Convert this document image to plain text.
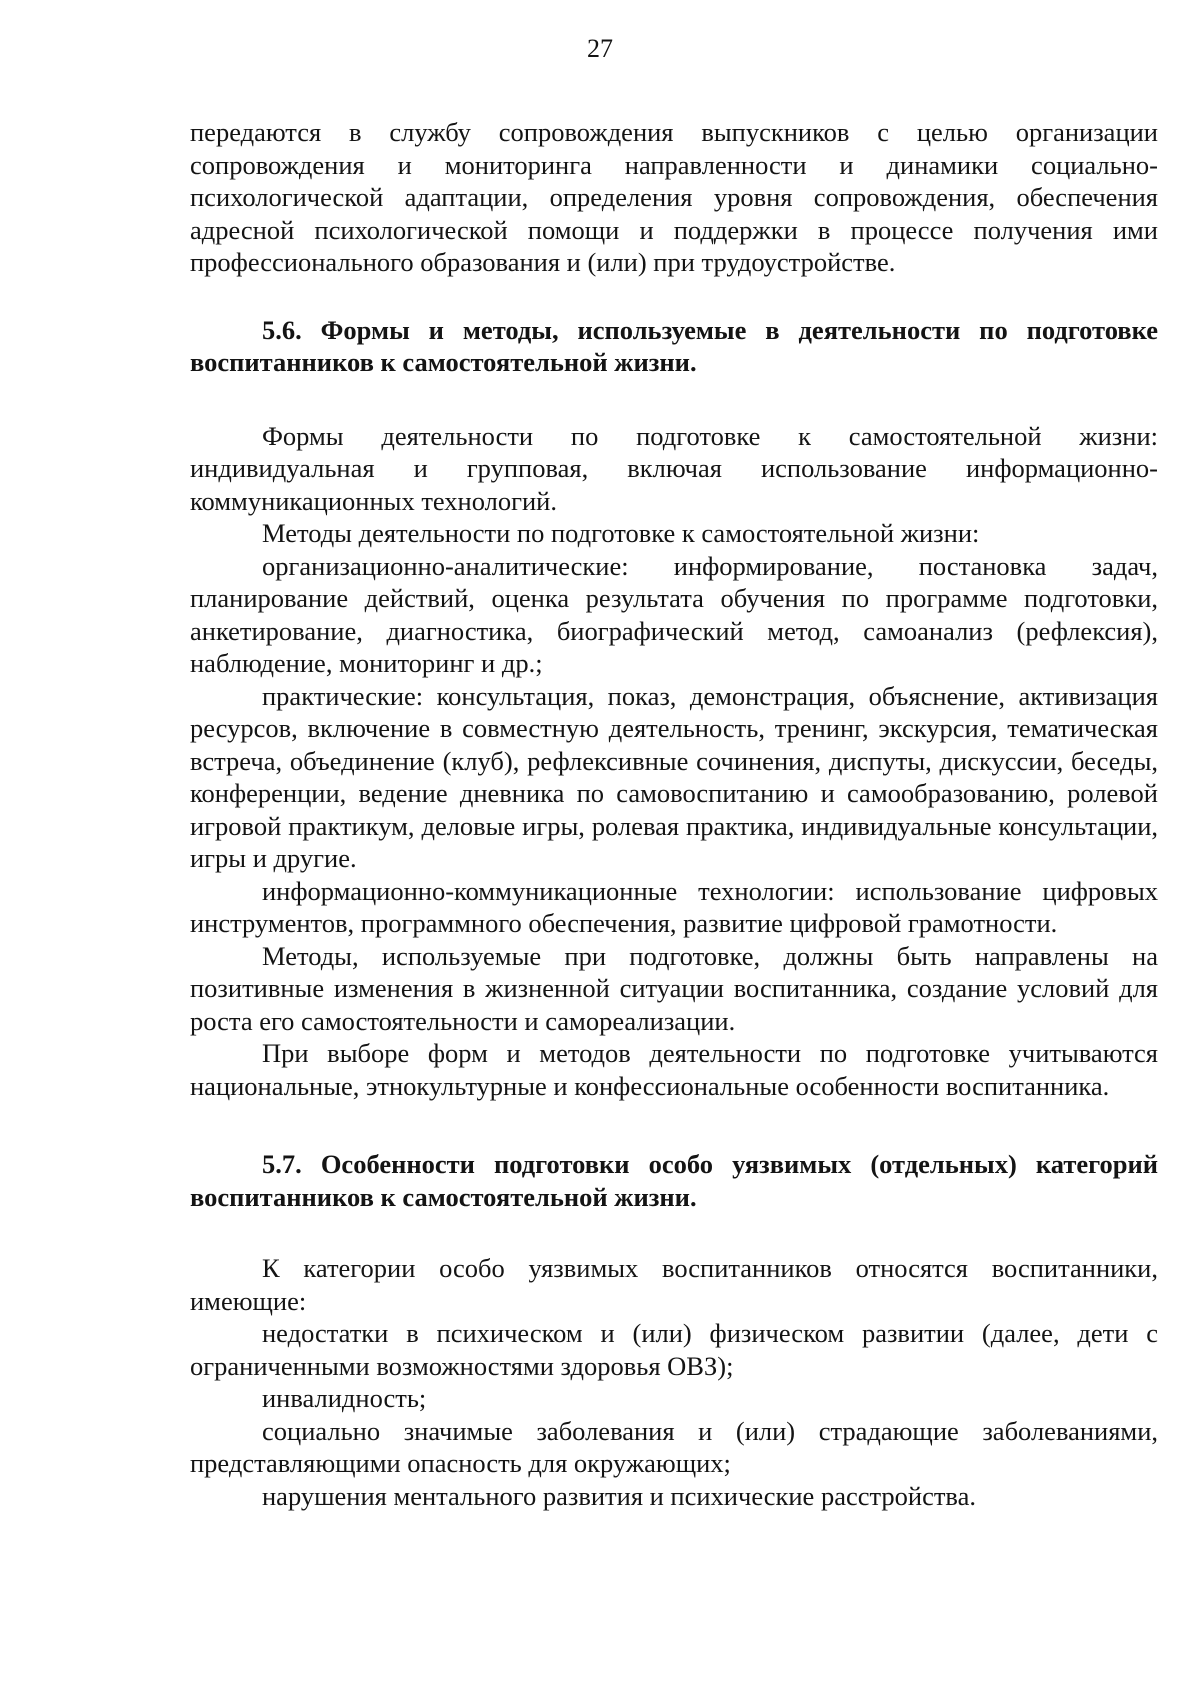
27

передаются в службу сопровождения выпускников с целью организации сопровождения и мониторинга направленности и динамики социально-психологической адаптации, определения уровня сопровождения, обеспечения адресной психологической помощи и поддержки в процессе получения ими профессионального образования и (или) при трудоустройстве.

5.6. Формы и методы, используемые в деятельности по подготовке воспитанников к самостоятельной жизни.

Формы деятельности по подготовке к самостоятельной жизни: индивидуальная и групповая, включая использование информационно-коммуникационных технологий.

Методы деятельности по подготовке к самостоятельной жизни:

организационно-аналитические: информирование, постановка задач, планирование действий, оценка результата обучения по программе подготовки, анкетирование, диагностика, биографический метод, самоанализ (рефлексия), наблюдение, мониторинг и др.;

практические: консультация, показ, демонстрация, объяснение, активизация ресурсов, включение в совместную деятельность, тренинг, экскурсия, тематическая встреча, объединение (клуб), рефлексивные сочинения, диспуты, дискуссии, беседы, конференции, ведение дневника по самовоспитанию и самообразованию, ролевой игровой практикум, деловые игры, ролевая практика, индивидуальные консультации, игры и другие.

информационно-коммуникационные технологии: использование цифровых инструментов, программного обеспечения, развитие цифровой грамотности.

Методы, используемые при подготовке, должны быть направлены на позитивные изменения в жизненной ситуации воспитанника, создание условий для роста его самостоятельности и самореализации.

При выборе форм и методов деятельности по подготовке учитываются национальные, этнокультурные и конфессиональные особенности воспитанника.

5.7. Особенности подготовки особо уязвимых (отдельных) категорий воспитанников к самостоятельной жизни.

К категории особо уязвимых воспитанников относятся воспитанники, имеющие:

недостатки в психическом и (или) физическом развитии (далее, дети с ограниченными возможностями здоровья ОВЗ);

инвалидность;

социально значимые заболевания и (или) страдающие заболеваниями, представляющими опасность для окружающих;

нарушения ментального развития и психические расстройства.
